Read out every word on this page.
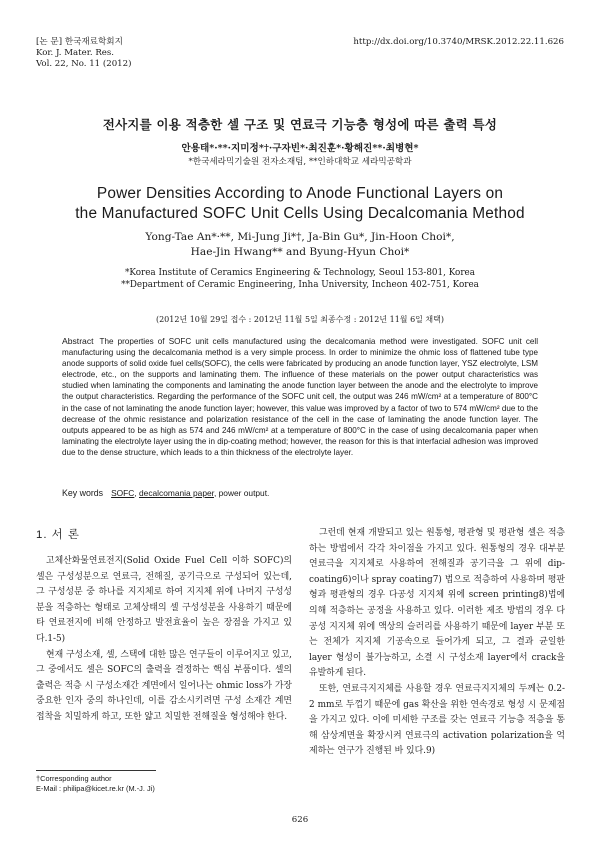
[논 문] 한국재료학회지
Kor. J. Mater. Res.
Vol. 22, No. 11 (2012)
http://dx.doi.org/10.3740/MRSK.2012.22.11.626
전사지를 이용 적층한 셀 구조 및 연료극 기능층 형성에 따른 출력 특성
안용태*·**·지미정*†·구자빈*·최진훈*·황해진**·최병현*
*한국세라믹기술원 전자소재팀, **인하대학교 세라믹공학과
Power Densities According to Anode Functional Layers on
the Manufactured SOFC Unit Cells Using Decalcomania Method
Yong-Tae An*·**, Mi-Jung Ji*†, Ja-Bin Gu*, Jin-Hoon Choi*,
Hae-Jin Hwang** and Byung-Hyun Choi*
*Korea Institute of Ceramics Engineering & Technology, Seoul 153-801, Korea
**Department of Ceramic Engineering, Inha University, Incheon 402-751, Korea
(2012년 10월 29일 접수 : 2012년 11월 5일 최종수정 : 2012년 11월 6일 채택)
Abstract The properties of SOFC unit cells manufactured using the decalcomania method were investigated. SOFC unit cell manufacturing using the decalcomania method is a very simple process. In order to minimize the ohmic loss of flattened tube type anode supports of solid oxide fuel cells(SOFC), the cells were fabricated by producing an anode function layer, YSZ electrolyte, LSM electrode, etc., on the supports and laminating them. The influence of these materials on the power output characteristics was studied when laminating the components and laminating the anode function layer between the anode and the electrolyte to improve the output characteristics. Regarding the performance of the SOFC unit cell, the output was 246 mW/cm² at a temperature of 800°C in the case of not laminating the anode function layer; however, this value was improved by a factor of two to 574 mW/cm² due to the decrease of the ohmic resistance and polarization resistance of the cell in the case of laminating the anode function layer. The outputs appeared to be as high as 574 and 246 mW/cm² at a temperature of 800°C in the case of using decalcomania paper when laminating the electrolyte layer using the in dip-coating method; however, the reason for this is that interfacial adhesion was improved due to the dense structure, which leads to a thin thickness of the electrolyte layer.
Key words SOFC, decalcomania paper, power output.
1. 서 론

고체산화물연료전지(Solid Oxide Fuel Cell 이하 SOFC)의 셀은 구성성분으로 연료극, 전해질, 공기극으로 구성되어 있는데, 그 구성성분 중 하나를 지지체로 하여 지지체 위에 나머지 구성성분을 적층하는 형태로 고체상태의 셀 구성성분을 사용하기 때문에 타 연료전지에 비해 안정하고 발전효율이 높은 장점을 가지고 있다.1-5)

현재 구성소재, 셀, 스택에 대한 많은 연구들이 이루어지고 있고, 그 중에서도 셀은 SOFC의 출력을 결정하는 핵심 부품이다. 셀의 출력은 적층 시 구성소재간 계면에서 일어나는 ohmic loss가 가장 중요한 인자 중의 하나인데, 이를 감소시키려면 구성 소재간 계면 접착을 치밀하게 하고, 또한 얇고 치밀한 전해질을 형성해야 한다.

그런데 현재 개발되고 있는 원통형, 평관형 및 평관형 셀은 적층하는 방법에서 각각 차이점을 가지고 있다. 원통형의 경우 대부분 연료극을 지지체로 사용하여 전해질과 공기극을 그 위에 dip-coating6)이나 spray coating7) 법으로 적층하여 사용하며 평판형과 평관형의 경우 다공성 지지체 위에 screen printing8)법에 의해 적층하는 공정을 사용하고 있다. 이러한 제조 방법의 경우 다공성 지지체 위에 액상의 슬러리를 사용하기 때문에 layer 부분 또는 전체가 지지체 기공속으로 들어가게 되고, 그 결과 균일한 layer 형성이 불가능하고, 소결 시 구성소재 layer에서 crack을 유발하게 된다.

또한, 연료극지지체를 사용할 경우 연료극지지체의 두께는 0.2-2 mm로 두껍기 때문에 gas 확산을 위한 연속경로 형성 시 문제점을 가지고 있다. 이에 미세한 구조를 갖는 연료극 기능층 적층을 통해 삼상계면을 확장시켜 연료극의 activation polarization을 억제하는 연구가 진행된 바 있다.9)

†Corresponding author
E-Mail : philipa@kicet.re.kr (M.-J. Ji)
626
